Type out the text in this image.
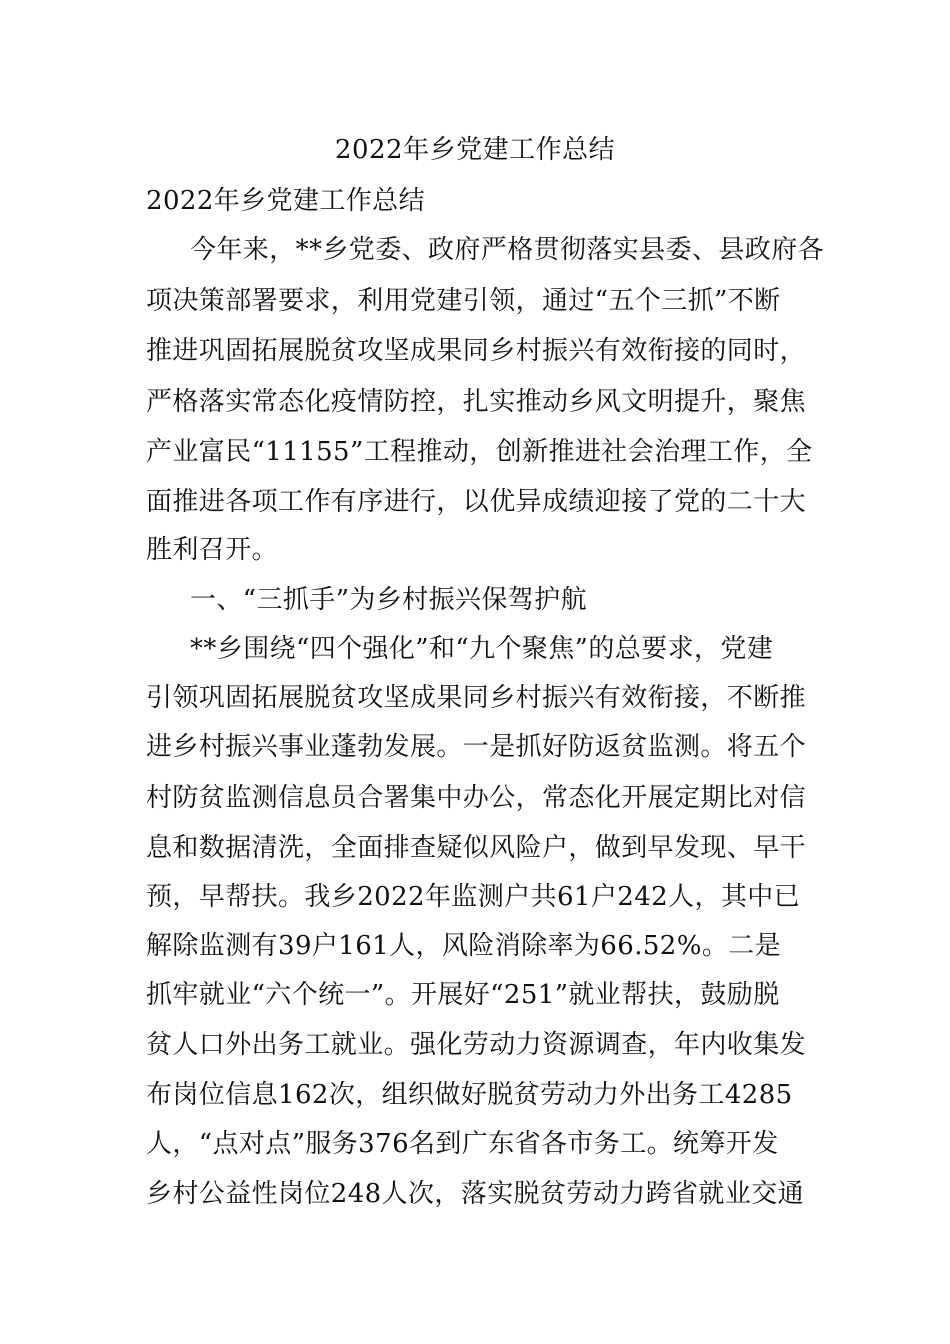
2022年乡党建工作总结
2022年乡党建工作总结
今年来，**乡党委、政府严格贯彻落实县委、县政府各
项决策部署要求，利用党建引领，通过“五个三抓”不断
推进巩固拓展脱贫攻坚成果同乡村振兴有效衔接的同时，
严格落实常态化疫情防控，扎实推动乡风文明提升，聚焦
产业富民“11155”工程推动，创新推进社会治理工作，全
面推进各项工作有序进行，以优异成绩迎接了党的二十大
胜利召开。
一、“三抓手”为乡村振兴保驾护航
**乡围绕“四个强化”和“九个聚焦”的总要求，党建
引领巩固拓展脱贫攻坚成果同乡村振兴有效衔接，不断推
进乡村振兴事业蓬勃发展。一是抓好防返贫监测。将五个
村防贫监测信息员合署集中办公，常态化开展定期比对信
息和数据清洗，全面排查疑似风险户，做到早发现、早干
预，早帮扶。我乡2022年监测户共61户242人，其中已
解除监测有39户161人，风险消除率为66.52%。二是
抓牢就业“六个统一”。开展好“251”就业帮扶，鼓励脱
贫人口外出务工就业。强化劳动力资源调查，年内收集发
布岗位信息162次，组织做好脱贫劳动力外出务工4285
人，“点对点”服务376名到广东省各市务工。统筹开发
乡村公益性岗位248人次，落实脱贫劳动力跨省就业交通
